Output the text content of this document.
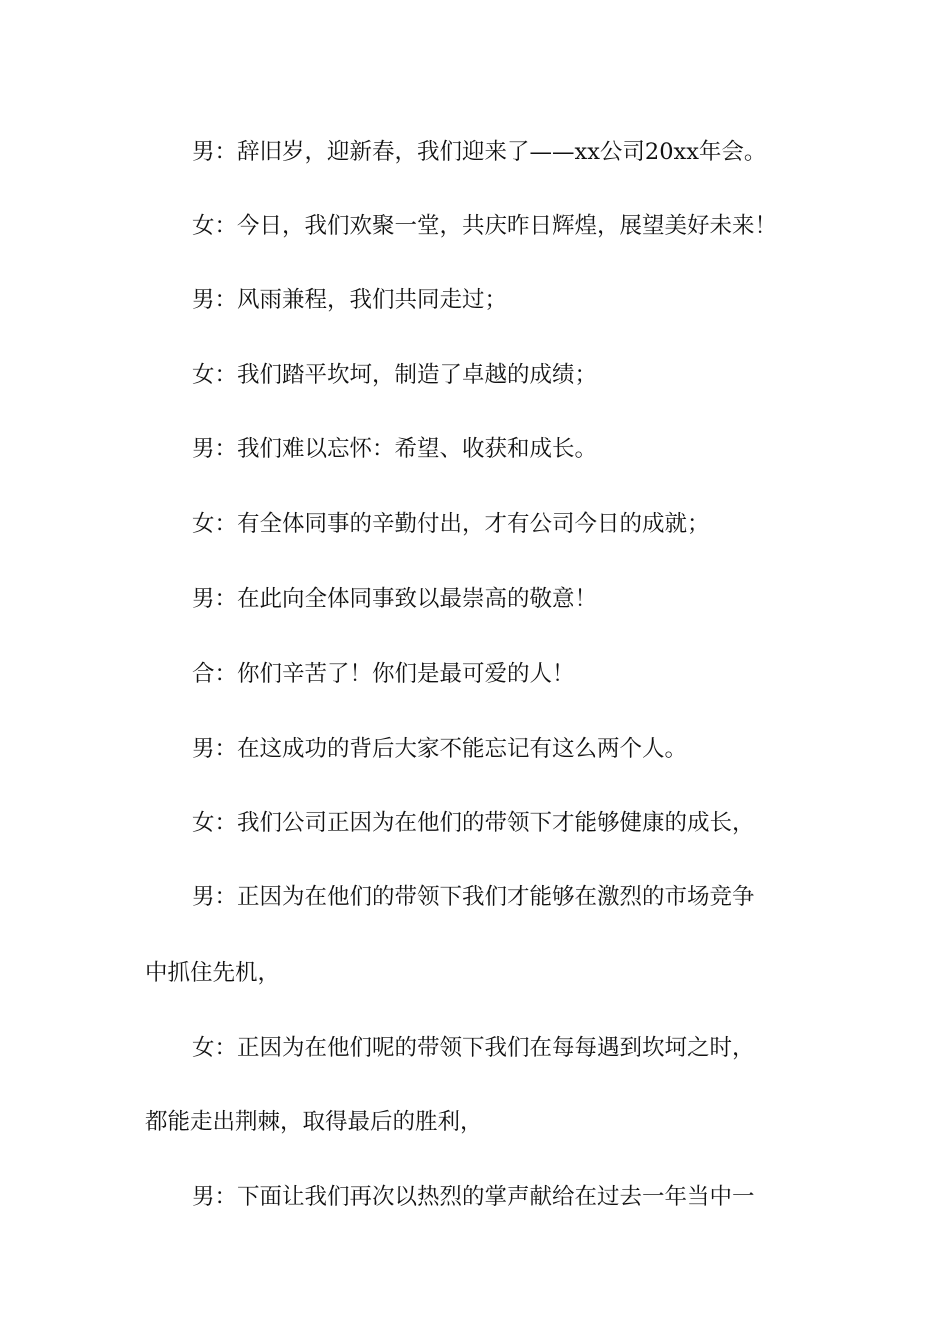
男：辞旧岁，迎新春，我们迎来了——xx公司20xx年会。
女：今日，我们欢聚一堂，共庆昨日辉煌，展望美好未来！
男：风雨兼程，我们共同走过；
女：我们踏平坎坷，制造了卓越的成绩；
男：我们难以忘怀：希望、收获和成长。
女：有全体同事的辛勤付出，才有公司今日的成就；
男：在此向全体同事致以最崇高的敬意！
合：你们辛苦了！你们是最可爱的人！
男：在这成功的背后大家不能忘记有这么两个人。
女：我们公司正因为在他们的带领下才能够健康的成长，
男：正因为在他们的带领下我们才能够在激烈的市场竞争
中抓住先机，
女：正因为在他们呢的带领下我们在每每遇到坎坷之时，
都能走出荆棘，取得最后的胜利，
男：下面让我们再次以热烈的掌声献给在过去一年当中一
